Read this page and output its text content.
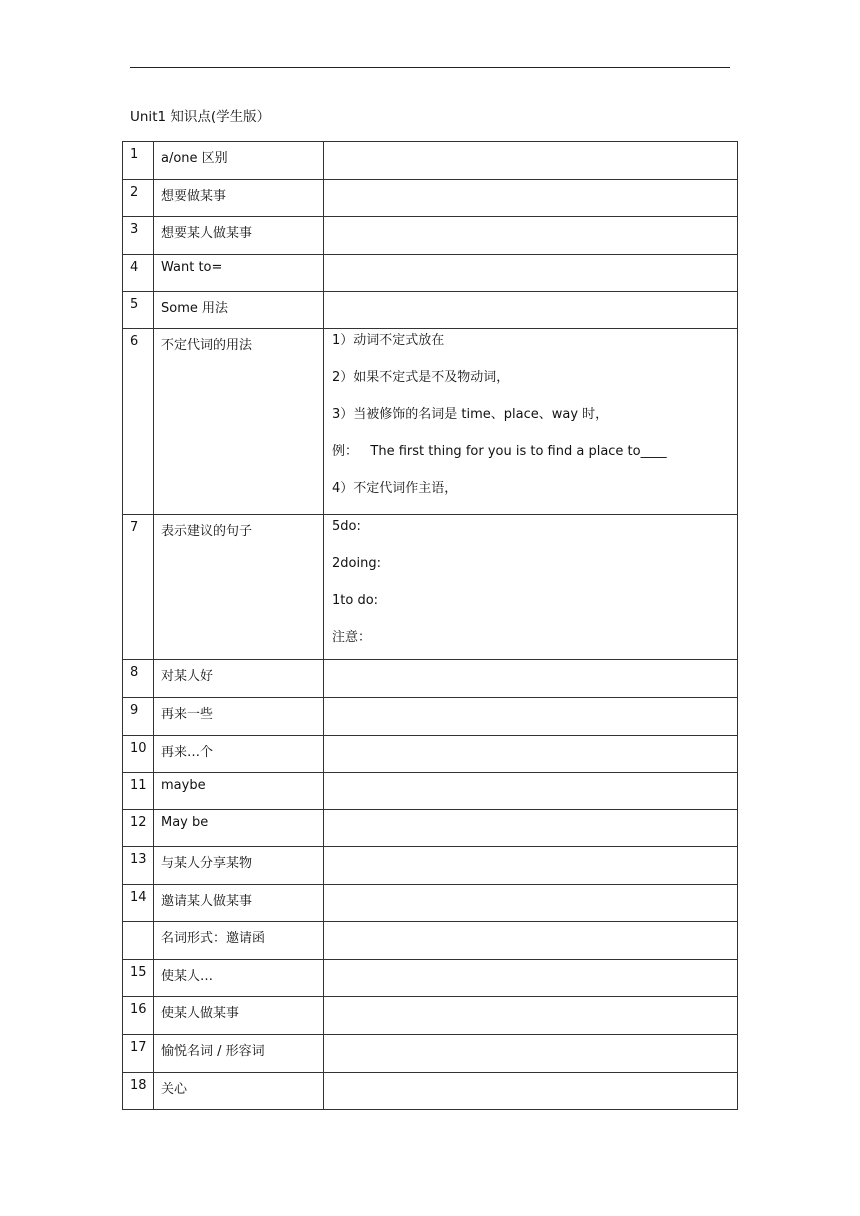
Unit1 知识点(学生版）
1	a/one 区别	
2	想要做某事	
3	想要某人做某事	
4	Want to=	
5	Some 用法	
6	不定代词的用法	1）动词不定式放在
2）如果不定式是不及物动词，
3）当被修饰的名词是 time、place、way 时，
例：   The first thing for you is to find a place to____
4）不定代词作主语，

7	表示建议的句子	5do:
2doing:
1to do:
注意：

8	对某人好	
9	再来一些	
10	再来…个	
11	maybe	
12	May be	
13	与某人分享某物	
14	邀请某人做某事	
	名词形式：邀请函	
15	使某人…	
16	使某人做某事	
17	愉悦名词 / 形容词	
18	关心	
